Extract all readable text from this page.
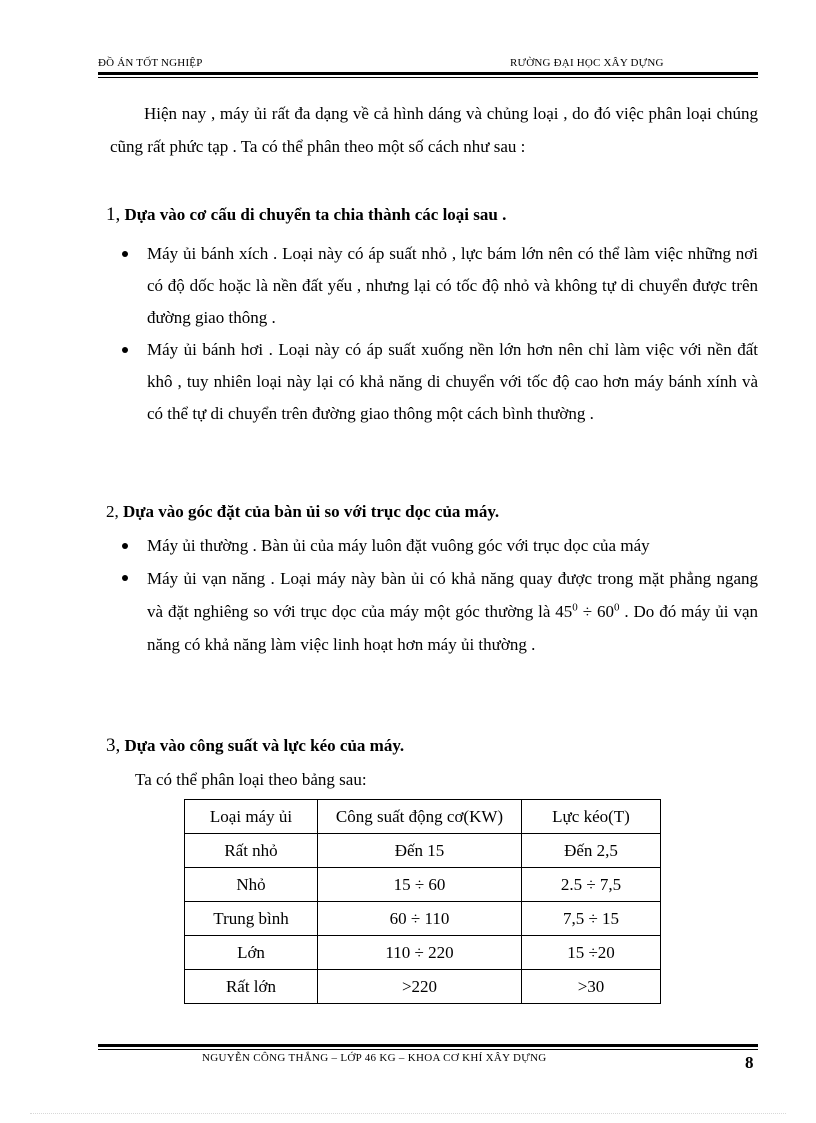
ĐỒ ÁN TỐT NGHIỆP	RƯỜNG ĐẠI HỌC XÂY DỰNG
Hiện nay , máy ủi rất đa dạng về cả hình dáng và chủng loại , do đó việc phân loại chúng cũng rất phức tạp . Ta có thể phân theo một số cách như sau :
1, Dựa vào cơ cấu di chuyển ta chia thành các loại sau .
Máy ủi bánh xích . Loại này có áp suất nhỏ , lực bám lớn nên có thể làm việc những nơi có độ dốc hoặc là nền đất yếu , nhưng lại có tốc độ nhỏ và không tự di chuyển được trên đường giao thông .
Máy ủi bánh hơi . Loại này có áp suất xuống nền lớn hơn nên chỉ làm việc với nền đất khô , tuy nhiên loại này lại có khả năng di chuyển với tốc độ cao hơn máy bánh xính và có thể tự di chuyển trên đường giao thông một cách bình thường .
2, Dựa vào góc đặt của bàn ủi so với trục dọc của máy.
Máy ủi thường . Bàn ủi của máy luôn đặt vuông góc với trục dọc của máy
Máy ủi vạn năng . Loại máy này bàn ủi có khả năng quay được trong mặt phẳng ngang và đặt nghiêng so với trục dọc của máy một góc thường là $45^0 \div 60^0$ . Do đó máy ủi vạn năng có khả năng làm việc linh hoạt hơn máy ủi thường .
3, Dựa vào công suất và lực kéo của máy.
Ta có thể phân loại theo bảng sau:
Loại máy ủi	Công suất động cơ(KW)	Lực kéo(T)
Rất nhỏ	Đến 15	Đến 2,5
Nhỏ	15 ÷ 60	2.5 ÷ 7,5
Trung bình	60 ÷ 110	7,5 ÷ 15
Lớn	110 ÷ 220	15 ÷20
Rất lớn	>220	>30
NGUYỄN CÔNG THẮNG – LỚP 46 KG – KHOA CƠ KHÍ XÂY DỰNG	8
